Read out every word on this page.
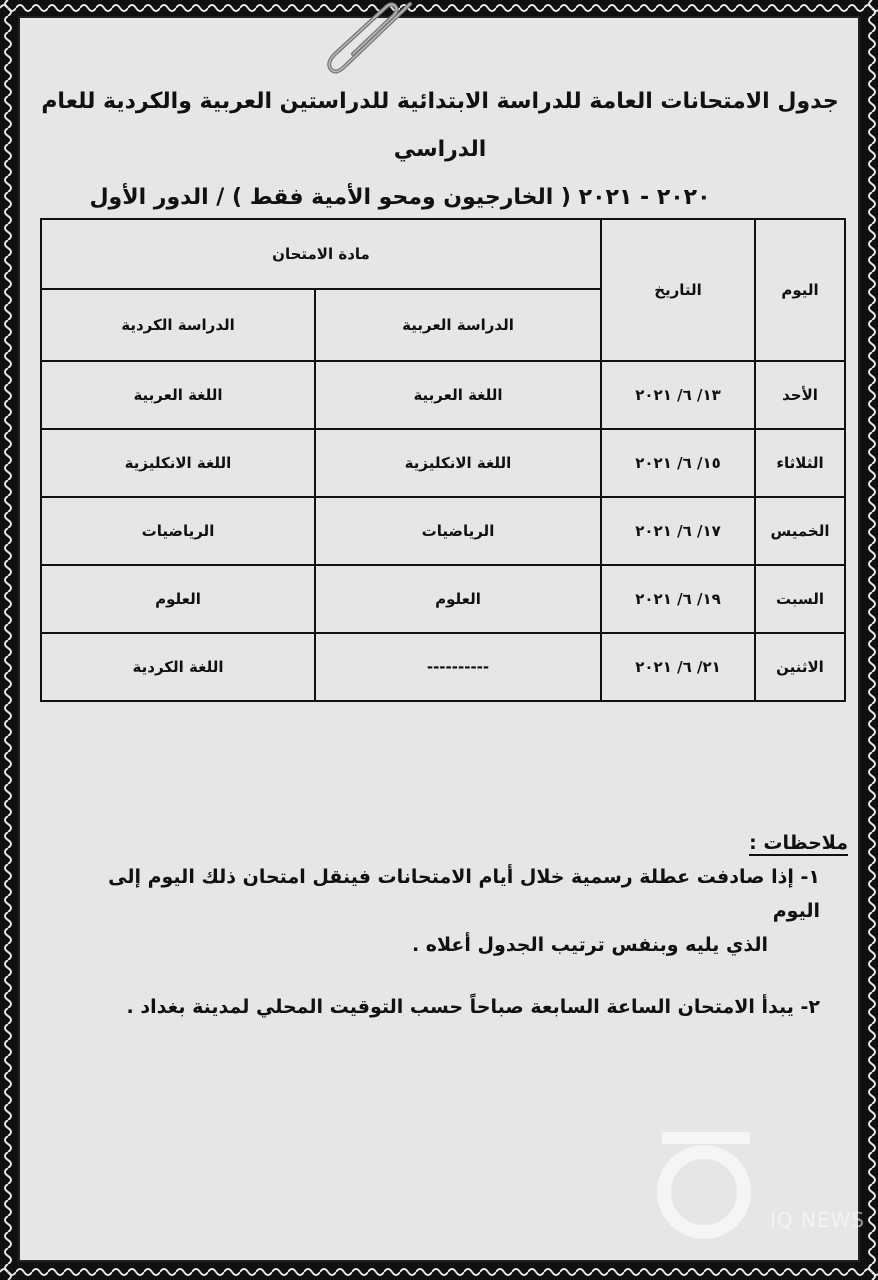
جدول الامتحانات العامة للدراسة الابتدائية للدراستين العربية والكردية للعام الدراسي
٢٠٢٠ - ٢٠٢١ ( الخارجيون ومحو الأمية فقط ) / الدور الأول
اليوم	التاريخ	مادة الامتحان	
		الدراسة العربية	الدراسة الكردية
الأحد	١٣/ ٦/ ٢٠٢١	اللغة العربية	اللغة العربية
الثلاثاء	١٥/ ٦/ ٢٠٢١	اللغة الانكليزية	اللغة الانكليزية
الخميس	١٧/ ٦/ ٢٠٢١	الرياضيات	الرياضيات
السبت	١٩/ ٦/ ٢٠٢١	العلوم	العلوم
الاثنين	٢١/ ٦/ ٢٠٢١	----------	اللغة الكردية
ملاحظات :
١- إذا صادفت عطلة رسمية خلال أيام الامتحانات فينقل امتحان ذلك اليوم إلى اليوم
الذي يليه وبنفس ترتيب الجدول أعلاه .
٢- يبدأ الامتحان الساعة السابعة صباحاً حسب التوقيت المحلي لمدينة بغداد .
IQ NEWS
